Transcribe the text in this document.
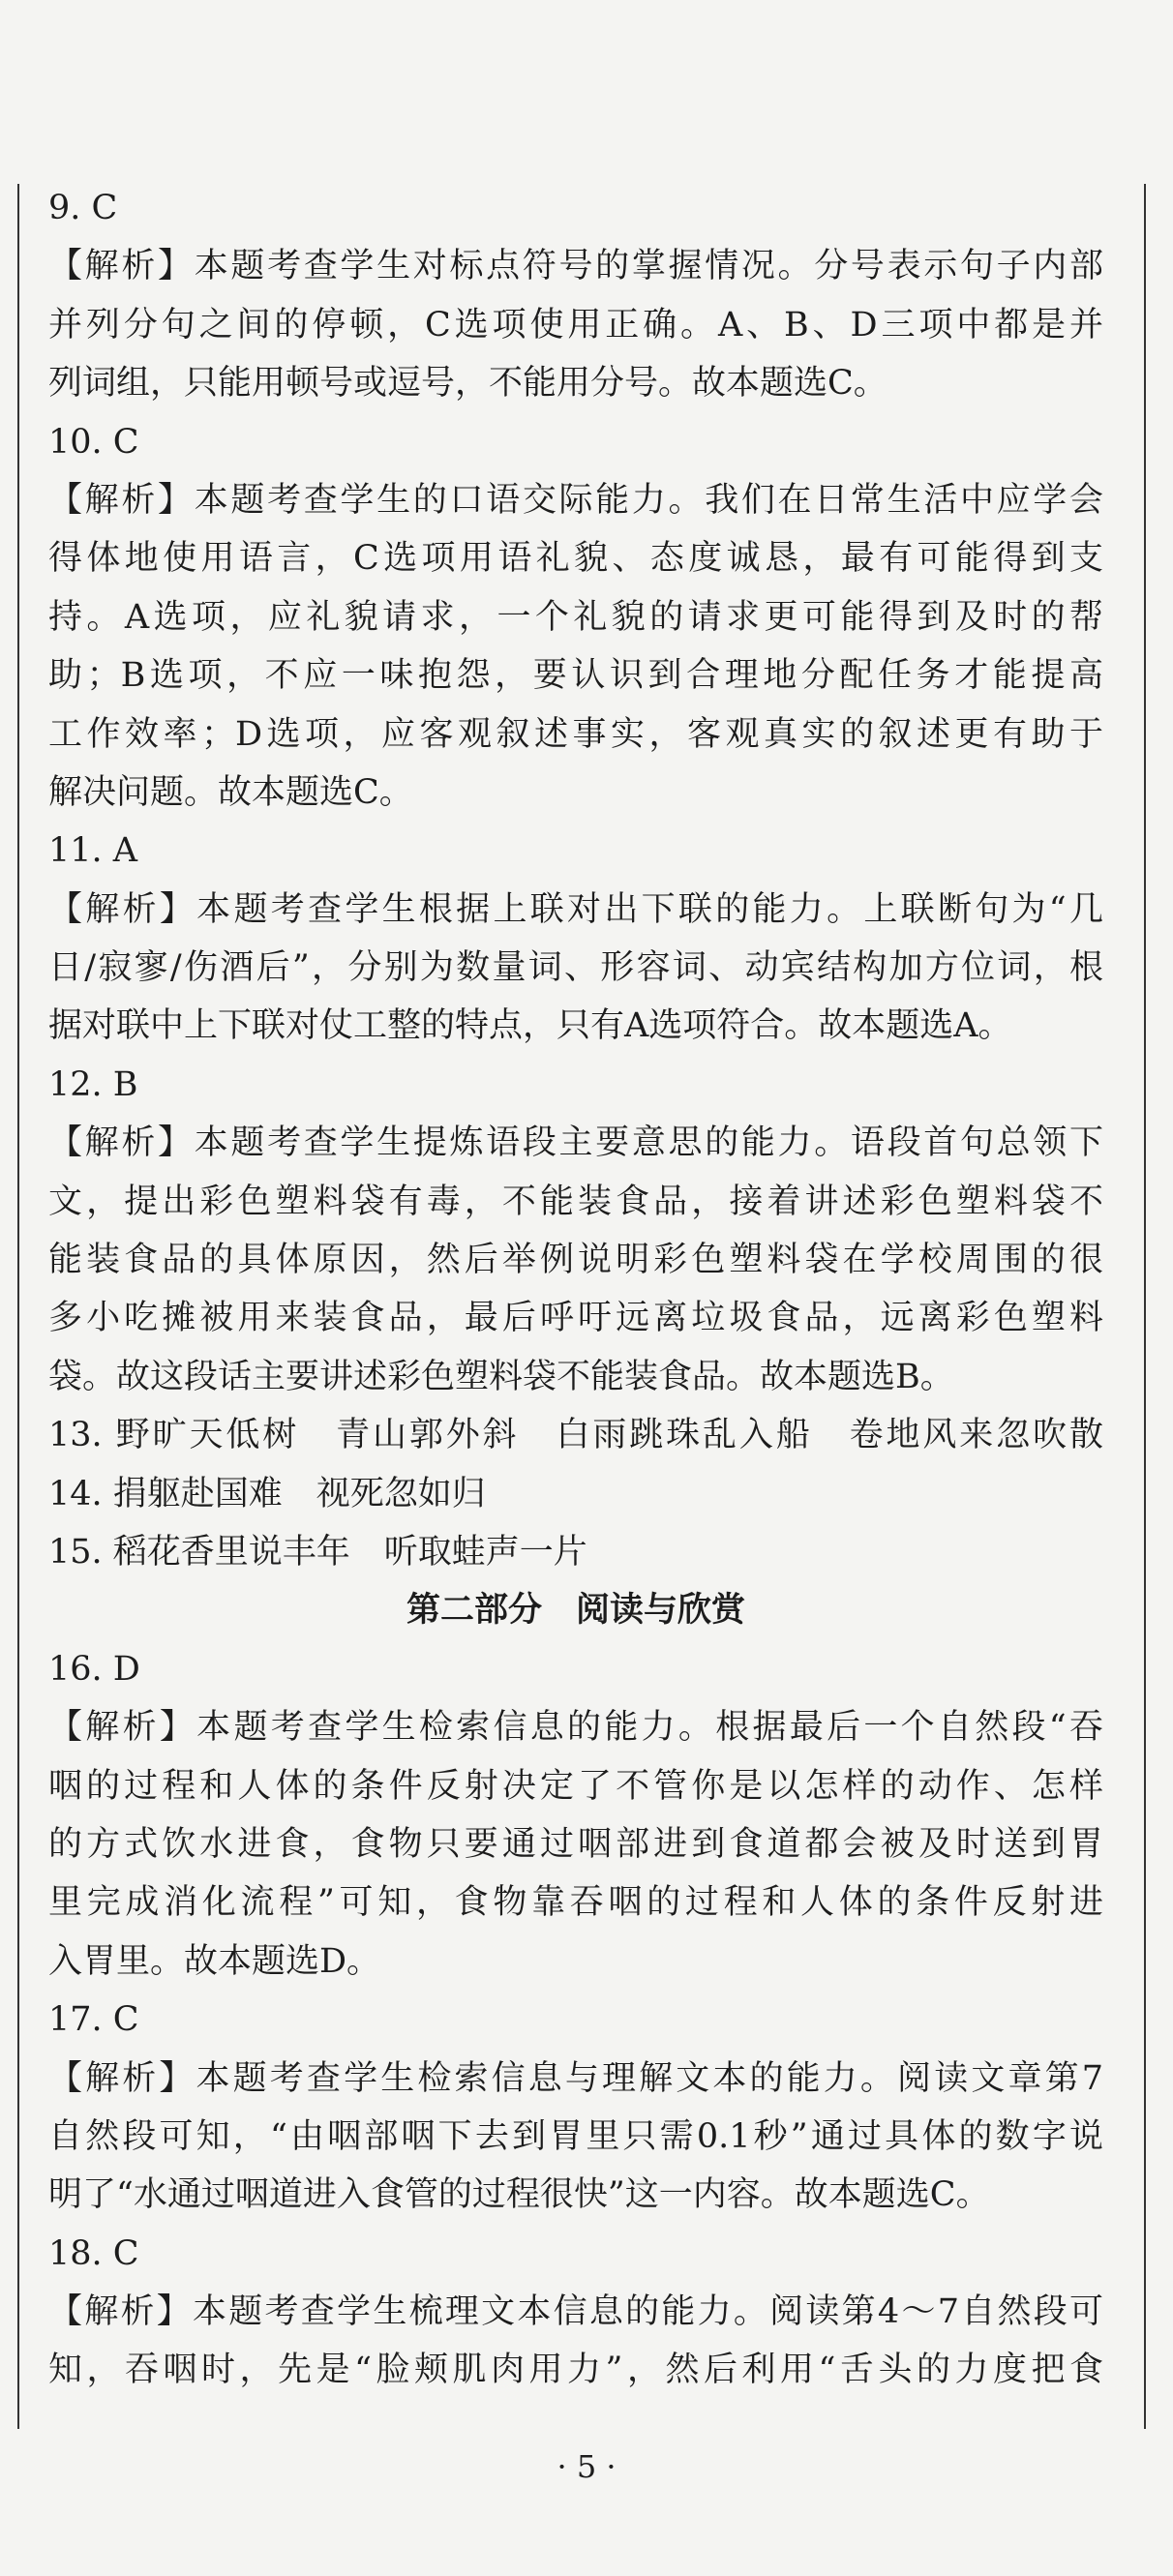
9. C
【解析】本题考查学生对标点符号的掌握情况。分号表示句子内部
并列分句之间的停顿，C选项使用正确。A、B、D三项中都是并
列词组，只能用顿号或逗号，不能用分号。故本题选C。
10. C
【解析】本题考查学生的口语交际能力。我们在日常生活中应学会
得体地使用语言，C选项用语礼貌、态度诚恳，最有可能得到支
持。A选项，应礼貌请求，一个礼貌的请求更可能得到及时的帮
助；B选项，不应一味抱怨，要认识到合理地分配任务才能提高
工作效率；D选项，应客观叙述事实，客观真实的叙述更有助于
解决问题。故本题选C。
11. A
【解析】本题考查学生根据上联对出下联的能力。上联断句为“几
日/寂寥/伤酒后”，分别为数量词、形容词、动宾结构加方位词，根
据对联中上下联对仗工整的特点，只有A选项符合。故本题选A。
12. B
【解析】本题考查学生提炼语段主要意思的能力。语段首句总领下
文，提出彩色塑料袋有毒，不能装食品，接着讲述彩色塑料袋不
能装食品的具体原因，然后举例说明彩色塑料袋在学校周围的很
多小吃摊被用来装食品，最后呼吁远离垃圾食品，远离彩色塑料
袋。故这段话主要讲述彩色塑料袋不能装食品。故本题选B。
13. 野旷天低树　青山郭外斜　白雨跳珠乱入船　卷地风来忽吹散
14. 捐躯赴国难　视死忽如归
15. 稻花香里说丰年　听取蛙声一片
第二部分　阅读与欣赏
16. D
【解析】本题考查学生检索信息的能力。根据最后一个自然段“吞
咽的过程和人体的条件反射决定了不管你是以怎样的动作、怎样
的方式饮水进食，食物只要通过咽部进到食道都会被及时送到胃
里完成消化流程”可知，食物靠吞咽的过程和人体的条件反射进
入胃里。故本题选D。
17. C
【解析】本题考查学生检索信息与理解文本的能力。阅读文章第7
自然段可知，“由咽部咽下去到胃里只需0.1秒”通过具体的数字说
明了“水通过咽道进入食管的过程很快”这一内容。故本题选C。
18. C
【解析】本题考查学生梳理文本信息的能力。阅读第4～7自然段可
知，吞咽时，先是“脸颊肌肉用力”，然后利用“舌头的力度把食
· 5 ·
